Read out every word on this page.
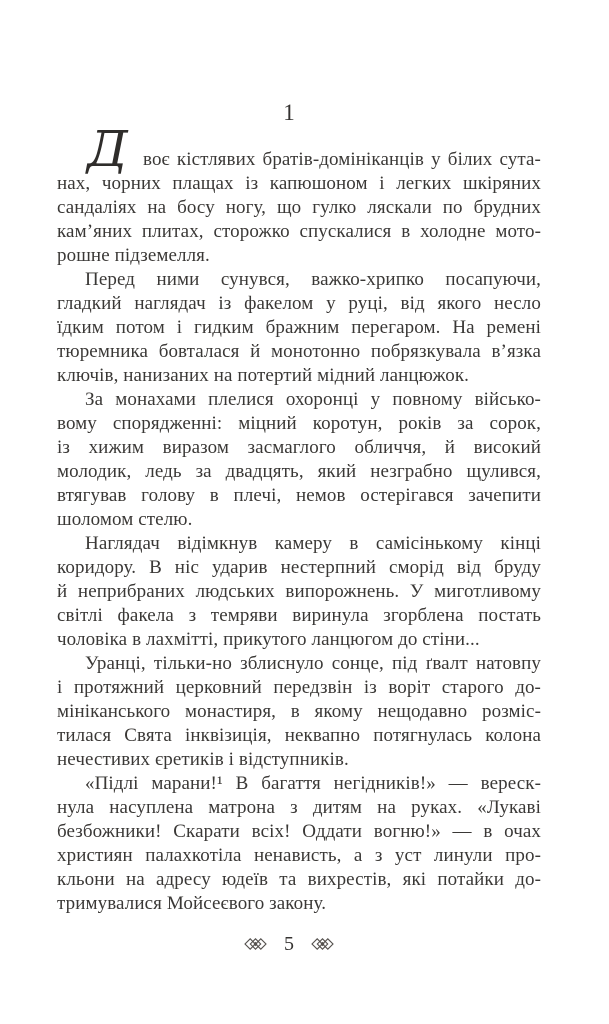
1
Д воє кістлявих братів-домініканців у білих сута-
нах, чорних плащах із капюшоном і легких шкіряних
сандаліях на босу ногу, що гулко ляскали по брудних
кам’яних плитах, сторожко спускалися в холодне мото-
рошне підземелля.
Перед ними сунувся, важко-хрипко посапуючи,
гладкий наглядач із факелом у руці, від якого несло
їдким потом і гидким бражним перегаром. На ремені
тюремника бовталася й монотонно побрязкувала в’язка
ключів, нанизаних на потертий мідний ланцюжок.
За монахами плелися охоронці у повному військо-
вому спорядженні: міцний коротун, років за сорок,
із хижим виразом засмаглого обличчя, й високий
молодик, ледь за двадцять, який незграбно щулився,
втягував голову в плечі, немов остерігався зачепити
шоломом стелю.
Наглядач відімкнув камеру в самісінькому кінці
коридору. В ніс ударив нестерпний сморід від бруду
й неприбраних людських випорожнень. У миготливому
світлі факела з темряви виринула згорблена постать
чоловіка в лахмітті, прикутого ланцюгом до стіни...
Уранці, тільки-но зблиснуло сонце, під ґвалт натовпу
і протяжний церковний передзвін із воріт старого до-
мініканського монастиря, в якому нещодавно розміс-
тилася Свята інквізиція, неквапно потягнулась колона
нечестивих єретиків і відступників.
«Підлі марани!¹ В багаття негідників!» — вереск-
нула насуплена матрона з дитям на руках. «Лукаві
безбожники! Скарати всіх! Оддати вогню!» — в очах
християн палахкотіла ненависть, а з уст линули про-
кльони на адресу юдеїв та вихрестів, які потайки до-
тримувалися Мойсеєвого закону.
5
